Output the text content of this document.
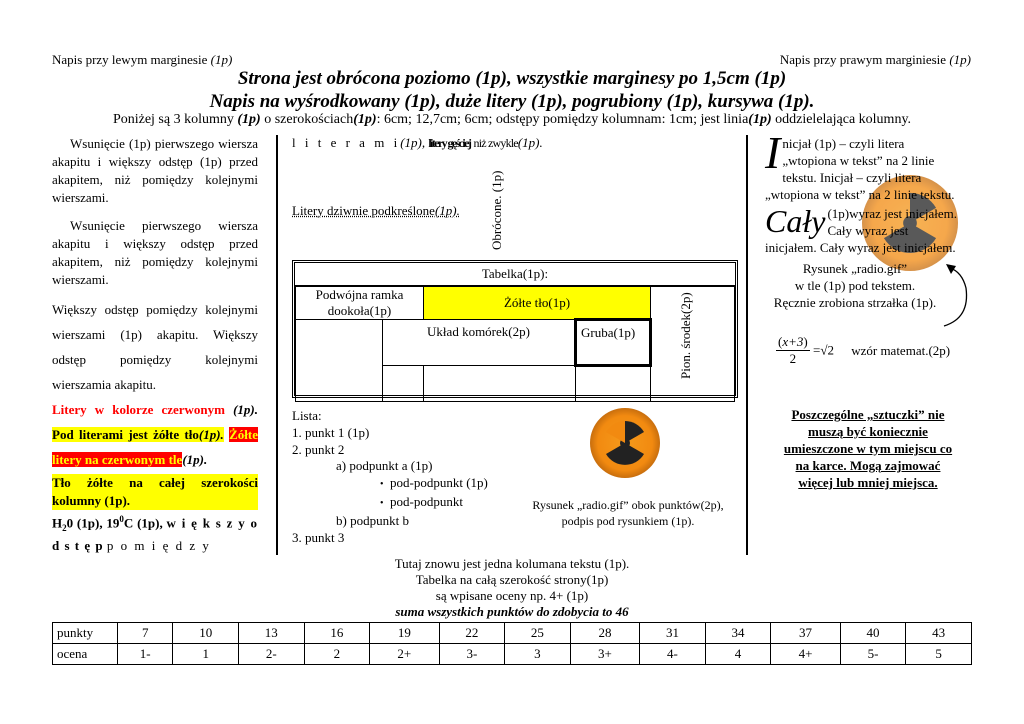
Napis przy lewym marginesie (1p)	Napis przy prawym marginiesie (1p)
Strona jest obrócona poziomo (1p), wszystkie marginesy po 1,5cm (1p)
Napis na wyśrodkowany (1p), duże litery (1p), pogrubiony (1p), kursywa (1p).
Poniżej są 3 kolumny (1p) o szerokościach(1p): 6cm; 12,7cm; 6cm; odstępy pomiędzy kolumnam: 1cm; jest linia(1p) oddzielelająca kolumny.

Wsunięcie (1p) pierwszego wiersza akapitu i większy odstęp (1p) przed akapitem, niż pomiędzy kolejnymi wierszami.

Wsunięcie pierwszego wiersza akapitu i większy odstęp przed akapitem, niż pomiędzy kolejnymi wierszami.

Większy odstęp pomiędzy kolejnymi wierszami (1p) akapitu. Większy odstęp pomiędzy kolejnymi wierszamia akapitu.

Litery w kolorze czerwonym (1p). Pod literami jest żółte tło(1p). Żółte litery na czerwonym tle(1p).

Tło żółte na całej szerokości kolumny (1p).

$H_20$ (1p), $19^0C$ (1p), w i ę k s z y o d s t ę p p o m i ę d z y

l i t e r a m i(1p), litery gęściej niż zwykle(1p).
Litery dziwnie podkreślone(1p).	Obrócone. (1p)
Tabelka(1p):
Podwójna ramka dookoła(1p)		Żółte tło(1p)		Pion. środek(2p)

	Układ komórek(2p)		Gruba(1p)	

Lista:
1. punkt 1 (1p)
2. punkt 2
a) podpunkt a (1p)
• pod-podpunkt (1p)
• pod-podpunkt
b) podpunkt b
3. punkt 3
Rysunek „radio.gif” obok punktów(2p),
podpis pod rysunkiem (1p).
Inicjał (1p) – czyli litera „wtopiona w tekst” na 2 linie tekstu. Inicjał – czyli litera „wtopiona w tekst” na 2 linie tekstu.
Cały (1p)wyraz jest inicjałem. Cały wyraz jest inicjałem. Cały wyraz jest inicjałem.
Rysunek „radio.gif”
w tle (1p) pod tekstem.
Ręcznie zrobiona strzałka (1p).
$\frac{(x+3)}{2} =√2$ wzór matemat.(2p)
Poszczególne „sztuczki” nie muszą być koniecznie umieszczone w tym miejscu co na karce. Mogą zajmować więcej lub mniej miejsca.
Tutaj znowu jest jedna kolumana tekstu (1p).
Tabelka na całą szerokość strony(1p)
są wpisane oceny np. 4+ (1p)
suma wszystkich punktów do zdobycia to 46
punkty	7	10	13	16	19	22	25	28	31	34	37	40	43
ocena	1-	1	2-	2	2+	3-	3	3+	4-	4	4+	5-	5
